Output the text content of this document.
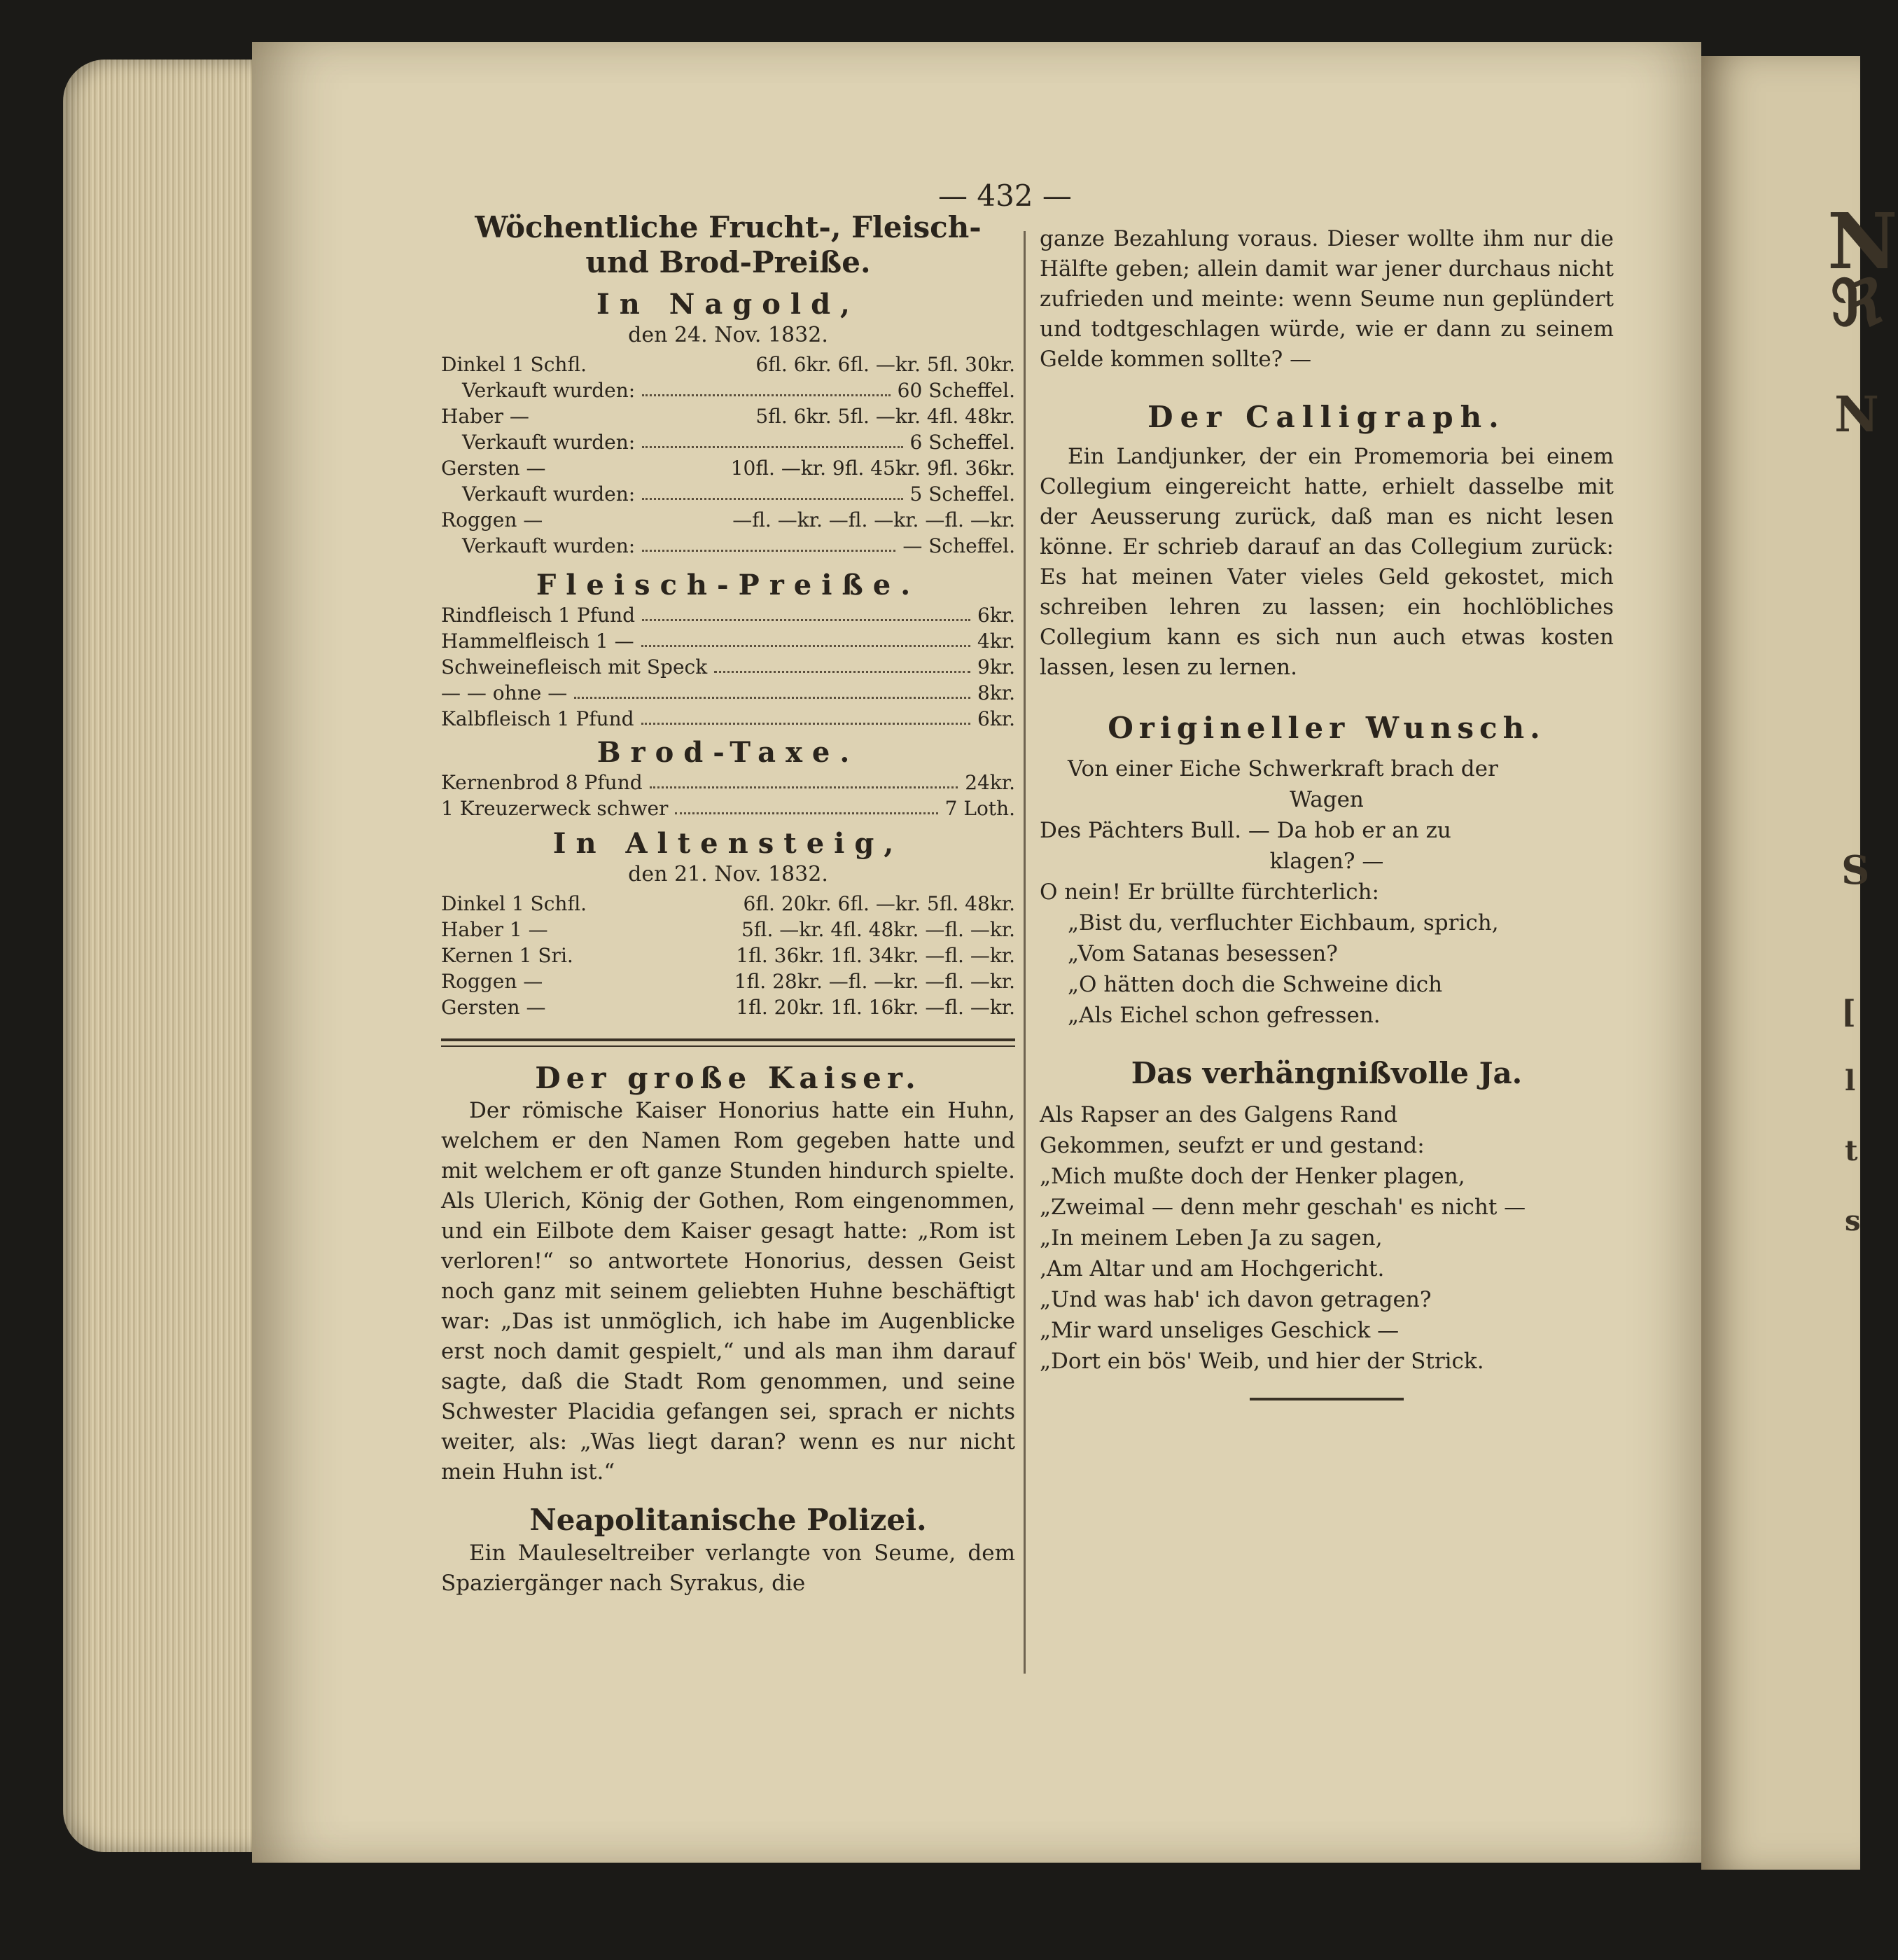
N
ℜ
N
S
[
l
t
s
— 432 —

Wöchentliche Frucht-, Fleisch- und Brod-Preiße.

In Nagold,

den 24. Nov. 1832.

Dinkel 1 Schfl.	6fl. 6kr. 6fl. —kr. 5fl. 30kr.
Verkauft wurden:	60 Scheffel.
Haber —	5fl. 6kr. 5fl. —kr. 4fl. 48kr.
Verkauft wurden:	6 Scheffel.
Gersten —	10fl. —kr. 9fl. 45kr. 9fl. 36kr.
Verkauft wurden:	5 Scheffel.
Roggen —	—fl. —kr. —fl. —kr. —fl. —kr.
Verkauft wurden:	— Scheffel.

Fleisch-Preiße.

Rindfleisch 1 Pfund	6kr.
Hammelfleisch 1 —	4kr.
Schweinefleisch mit Speck	9kr.
— — ohne —	8kr.
Kalbfleisch 1 Pfund	6kr.

Brod-Taxe.

Kernenbrod 8 Pfund	24kr.
1 Kreuzerweck schwer	7 Loth.

In Altensteig,

den 21. Nov. 1832.

Dinkel 1 Schfl.	6fl. 20kr. 6fl. —kr. 5fl. 48kr.
Haber 1 —	5fl. —kr. 4fl. 48kr. —fl. —kr.
Kernen 1 Sri.	1fl. 36kr. 1fl. 34kr. —fl. —kr.
Roggen —	1fl. 28kr. —fl. —kr. —fl. —kr.
Gersten —	1fl. 20kr. 1fl. 16kr. —fl. —kr.

Der große Kaiser.

Der römische Kaiser Honorius hatte ein Huhn, welchem er den Namen Rom gegeben hatte und mit welchem er oft ganze Stunden hindurch spielte. Als Ulerich, König der Gothen, Rom eingenommen, und ein Eilbote dem Kaiser gesagt hatte: „Rom ist verloren!“ so antwortete Honorius, dessen Geist noch ganz mit seinem geliebten Huhne beschäftigt war: „Das ist unmöglich, ich habe im Augenblicke erst noch damit gespielt,“ und als man ihm darauf sagte, daß die Stadt Rom genommen, und seine Schwester Placidia gefangen sei, sprach er nichts weiter, als: „Was liegt daran? wenn es nur nicht mein Huhn ist.“

Neapolitanische Polizei.

Ein Mauleseltreiber verlangte von Seume, dem Spaziergänger nach Syrakus, die

ganze Bezahlung voraus. Dieser wollte ihm nur die Hälfte geben; allein damit war jener durchaus nicht zufrieden und meinte: wenn Seume nun geplündert und todtgeschlagen würde, wie er dann zu seinem Gelde kommen sollte? —

Der Calligraph.

Ein Landjunker, der ein Promemoria bei einem Collegium eingereicht hatte, erhielt dasselbe mit der Aeusserung zurück, daß man es nicht lesen könne. Er schrieb darauf an das Collegium zurück: Es hat meinen Vater vieles Geld gekostet, mich schreiben lehren zu lassen; ein hochlöbliches Collegium kann es sich nun auch etwas kosten lassen, lesen zu lernen.

Origineller Wunsch.

Von einer Eiche Schwerkraft brach der
Wagen
Des Pächters Bull. — Da hob er an zu
klagen? —
O nein! Er brüllte fürchterlich:
„Bist du, verfluchter Eichbaum, sprich,
„Vom Satanas besessen?
„O hätten doch die Schweine dich
„Als Eichel schon gefressen.

Das verhängnißvolle Ja.

Als Rapser an des Galgens Rand
Gekommen, seufzt er und gestand:
„Mich mußte doch der Henker plagen,
„Zweimal — denn mehr geschah' es nicht —
„In meinem Leben Ja zu sagen,
‚Am Altar und am Hochgericht.
„Und was hab' ich davon getragen?
„Mir ward unseliges Geschick —
„Dort ein bös' Weib, und hier der Strick.
